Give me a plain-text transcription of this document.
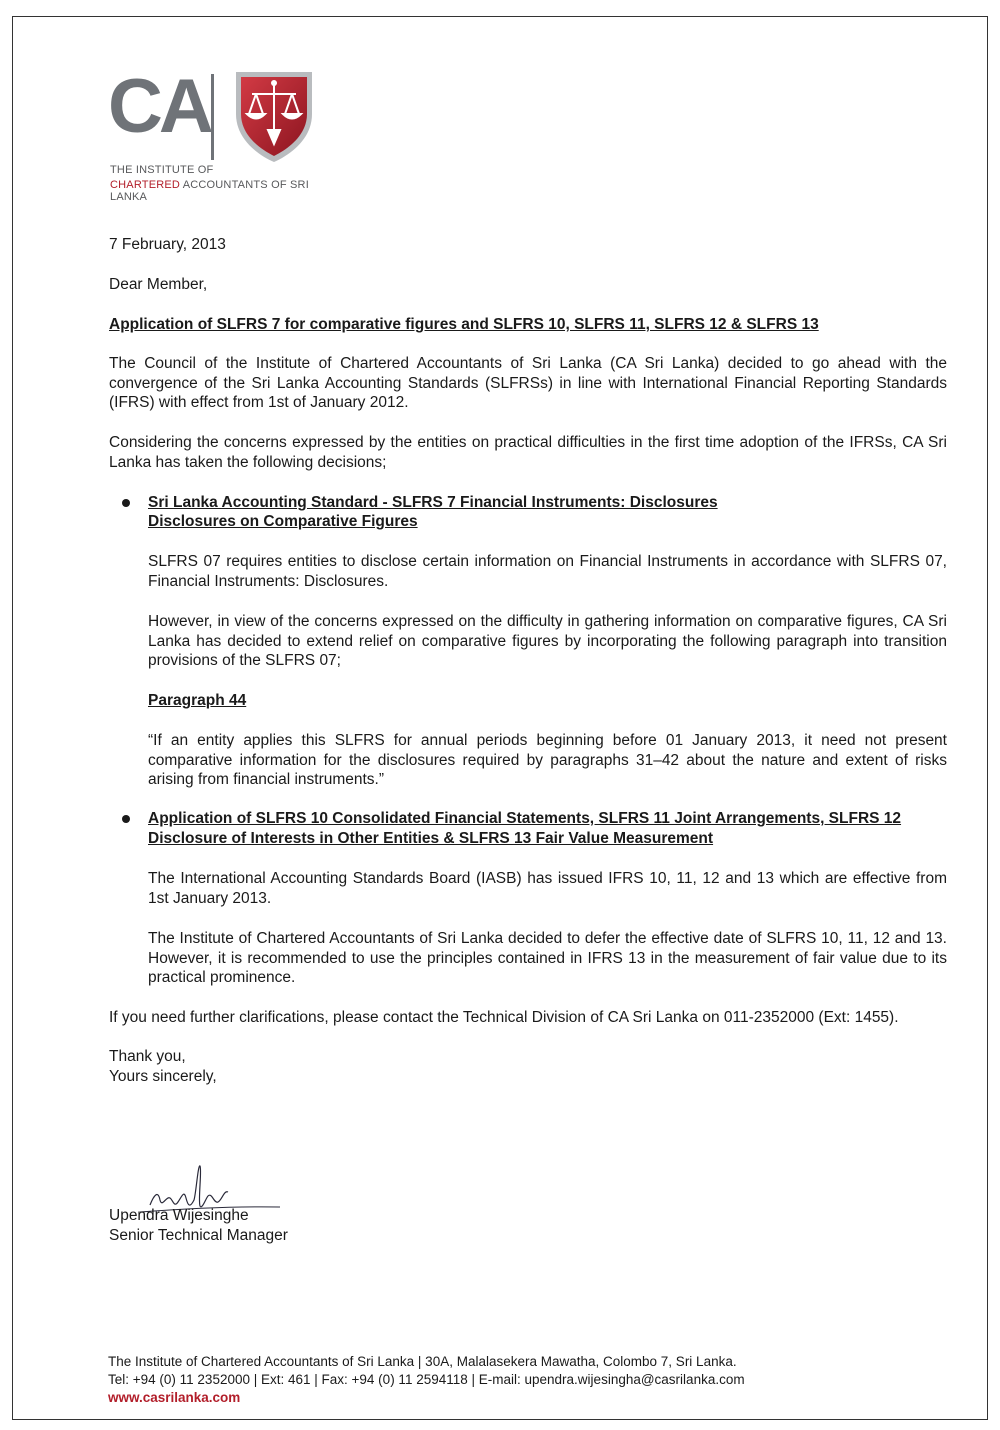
CA
THE INSTITUTE OF
CHARTERED ACCOUNTANTS OF SRI LANKA

7 February, 2013

Dear Member,

Application of SLFRS 7 for comparative figures and SLFRS 10, SLFRS 11, SLFRS 12 & SLFRS 13

The Council of the Institute of Chartered Accountants of Sri Lanka (CA Sri Lanka) decided to go ahead with the convergence of the Sri Lanka Accounting Standards (SLFRSs) in line with International Financial Reporting Standards (IFRS) with effect from 1st of January 2012.

Considering the concerns expressed by the entities on practical difficulties in the first time adoption of the IFRSs, CA Sri Lanka has taken the following decisions;

Sri Lanka Accounting Standard - SLFRS 7 Financial Instruments: Disclosures

Disclosures on Comparative Figures

SLFRS 07 requires entities to disclose certain information on Financial Instruments in accordance with SLFRS 07, Financial Instruments: Disclosures.

However, in view of the concerns expressed on the difficulty in gathering information on comparative figures, CA Sri Lanka has decided to extend relief on comparative figures by incorporating the following paragraph into transition provisions of the SLFRS 07;

Paragraph 44

“If an entity applies this SLFRS for annual periods beginning before 01 January 2013, it need not present comparative information for the disclosures required by paragraphs 31–42 about the nature and extent of risks arising from financial instruments.”

Application of SLFRS 10 Consolidated Financial Statements, SLFRS 11 Joint Arrangements, SLFRS 12

Disclosure of Interests in Other Entities & SLFRS 13 Fair Value Measurement

The International Accounting Standards Board (IASB) has issued IFRS 10, 11, 12 and 13 which are effective from 1st January 2013.

The Institute of Chartered Accountants of Sri Lanka decided to defer the effective date of SLFRS 10, 11, 12 and 13. However, it is recommended to use the principles contained in IFRS 13 in the measurement of fair value due to its practical prominence.

If you need further clarifications, please contact the Technical Division of CA Sri Lanka on 011-2352000 (Ext: 1455).

Thank you,

Yours sincerely,

Upendra Wijesinghe

Senior Technical Manager

The Institute of Chartered Accountants of Sri Lanka | 30A, Malalasekera Mawatha, Colombo 7, Sri Lanka.

Tel: +94 (0) 11 2352000 | Ext: 461 | Fax: +94 (0) 11 2594118 | E-mail: upendra.wijesingha@casrilanka.com

www.casrilanka.com
